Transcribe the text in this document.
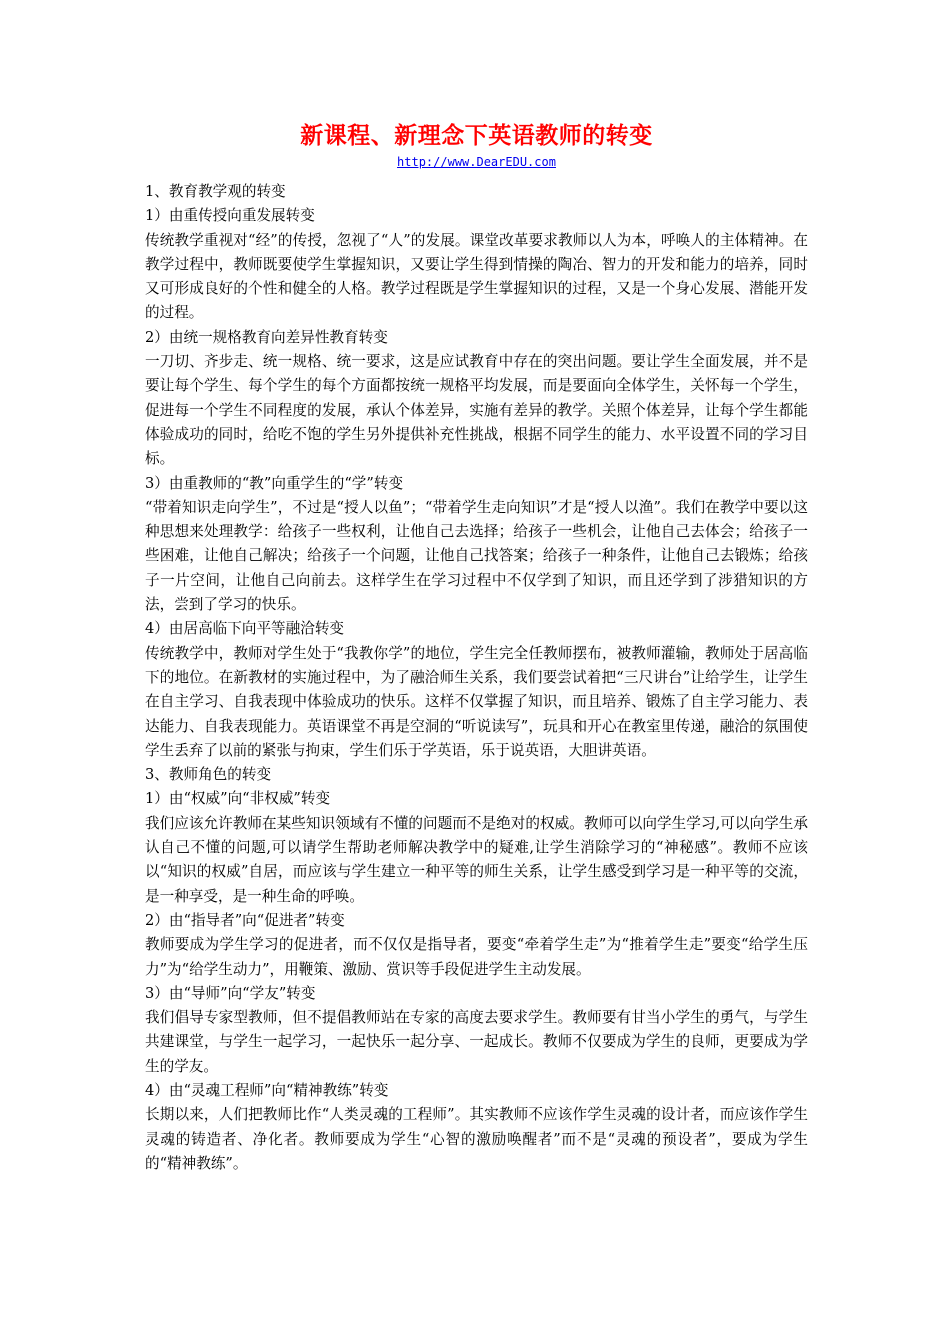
新课程、新理念下英语教师的转变
http://www.DearEDU.com
1、教育教学观的转变
1）由重传授向重发展转变
传统教学重视对“经”的传授，忽视了“人”的发展。课堂改革要求教师以人为本，呼唤人的主体精神。在教学过程中，教师既要使学生掌握知识，又要让学生得到情操的陶冶、智力的开发和能力的培养，同时又可形成良好的个性和健全的人格。教学过程既是学生掌握知识的过程，又是一个身心发展、潜能开发的过程。
2）由统一规格教育向差异性教育转变
一刀切、齐步走、统一规格、统一要求，这是应试教育中存在的突出问题。要让学生全面发展，并不是要让每个学生、每个学生的每个方面都按统一规格平均发展，而是要面向全体学生，关怀每一个学生，促进每一个学生不同程度的发展，承认个体差异，实施有差异的教学。关照个体差异，让每个学生都能体验成功的同时，给吃不饱的学生另外提供补充性挑战，根据不同学生的能力、水平设置不同的学习目标。
3）由重教师的“教”向重学生的“学”转变
“带着知识走向学生”，不过是“授人以鱼”；“带着学生走向知识”才是“授人以渔”。我们在教学中要以这种思想来处理教学：给孩子一些权利，让他自己去选择；给孩子一些机会，让他自己去体会；给孩子一些困难，让他自己解决；给孩子一个问题，让他自己找答案；给孩子一种条件，让他自己去锻炼；给孩子一片空间，让他自己向前去。这样学生在学习过程中不仅学到了知识，而且还学到了涉猎知识的方法，尝到了学习的快乐。
4）由居高临下向平等融洽转变
传统教学中，教师对学生处于“我教你学”的地位，学生完全任教师摆布，被教师灌输，教师处于居高临下的地位。在新教材的实施过程中，为了融洽师生关系，我们要尝试着把“三尺讲台”让给学生，让学生在自主学习、自我表现中体验成功的快乐。这样不仅掌握了知识，而且培养、锻炼了自主学习能力、表达能力、自我表现能力。英语课堂不再是空洞的“听说读写”，玩具和开心在教室里传递，融洽的氛围使学生丢弃了以前的紧张与拘束，学生们乐于学英语，乐于说英语，大胆讲英语。
3、教师角色的转变
1）由“权威”向“非权威”转变
我们应该允许教师在某些知识领域有不懂的问题而不是绝对的权威。教师可以向学生学习,可以向学生承认自己不懂的问题,可以请学生帮助老师解决教学中的疑难,让学生消除学习的“神秘感”。教师不应该以“知识的权威”自居，而应该与学生建立一种平等的师生关系，让学生感受到学习是一种平等的交流，是一种享受，是一种生命的呼唤。
2）由“指导者”向“促进者”转变
教师要成为学生学习的促进者，而不仅仅是指导者，要变“牵着学生走”为“推着学生走”要变“给学生压力”为“给学生动力”，用鞭策、激励、赏识等手段促进学生主动发展。
3）由“导师”向“学友”转变
我们倡导专家型教师，但不提倡教师站在专家的高度去要求学生。教师要有甘当小学生的勇气，与学生共建课堂，与学生一起学习，一起快乐一起分享、一起成长。教师不仅要成为学生的良师，更要成为学生的学友。
4）由“灵魂工程师”向“精神教练”转变
长期以来，人们把教师比作“人类灵魂的工程师”。其实教师不应该作学生灵魂的设计者，而应该作学生灵魂的铸造者、净化者。教师要成为学生“心智的激励唤醒者”而不是“灵魂的预设者”，要成为学生的“精神教练”。
